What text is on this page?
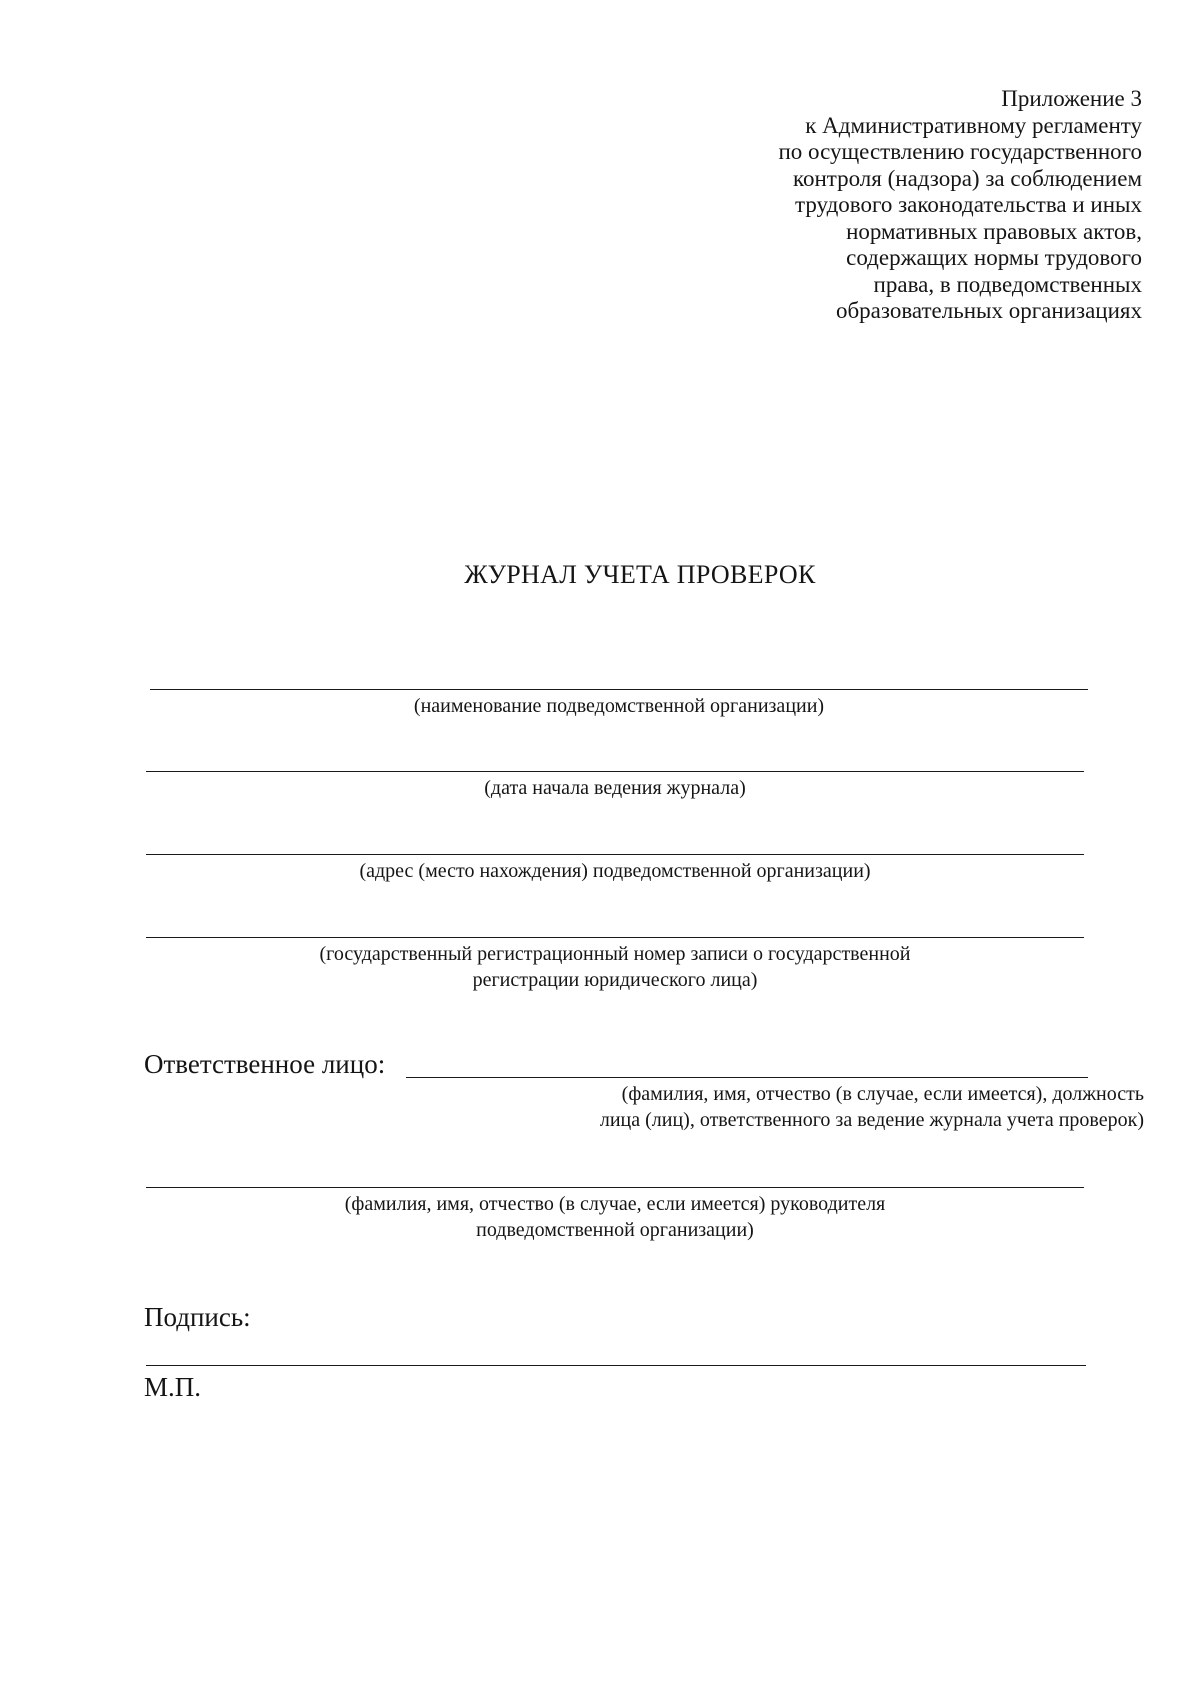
Приложение 3
к Административному регламенту
по осуществлению государственного
контроля (надзора) за соблюдением
трудового законодательства и иных
нормативных правовых актов,
содержащих нормы трудового
права, в подведомственных
образовательных организациях
ЖУРНАЛ УЧЕТА ПРОВЕРОК
(наименование подведомственной организации)
(дата начала ведения журнала)
(адрес (место нахождения) подведомственной организации)
(государственный регистрационный номер записи о государственной
регистрации юридического лица)
Ответственное лицо:
(фамилия, имя, отчество (в случае, если имеется), должность
лица (лиц), ответственного за ведение журнала учета проверок)
(фамилия, имя, отчество (в случае, если имеется) руководителя
подведомственной организации)
Подпись:
М.П.
